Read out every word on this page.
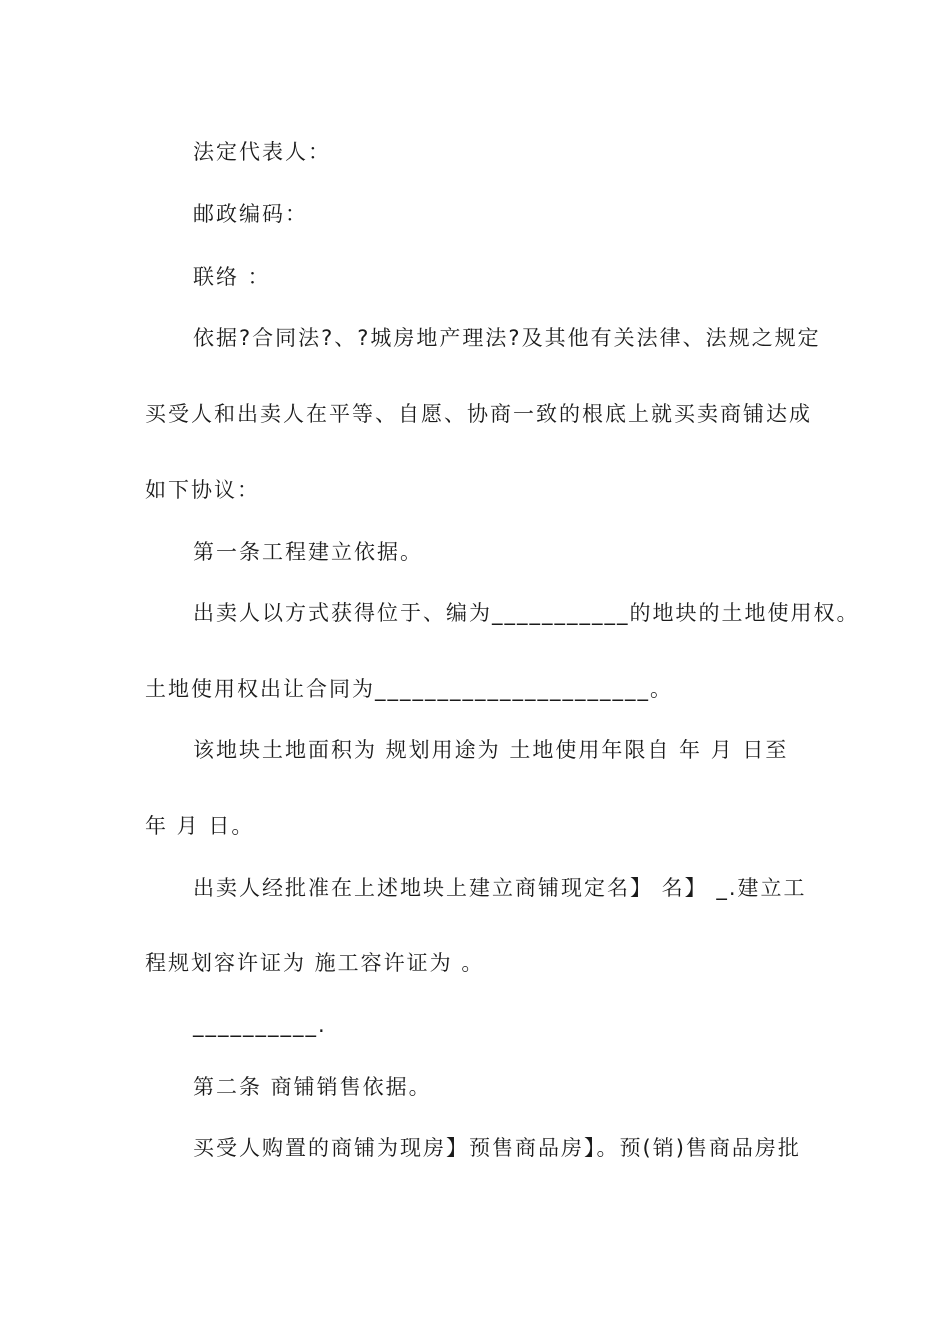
法定代表人：
邮政编码：
联络 ：
依据?合同法?、?城房地产理法?及其他有关法律、法规之规定
买受人和出卖人在平等、自愿、协商一致的根底上就买卖商铺达成
如下协议：
第一条工程建立依据。
出卖人以方式获得位于、编为___________的地块的土地使用权。
土地使用权出让合同为______________________。
该地块土地面积为 规划用途为 土地使用年限自 年 月 日至
年 月 日。
出卖人经批准在上述地块上建立商铺现定名】 名】 _.建立工
程规划容许证为 施工容许证为 。
__________.
第二条 商铺销售依据。
买受人购置的商铺为现房】预售商品房】。预(销)售商品房批
